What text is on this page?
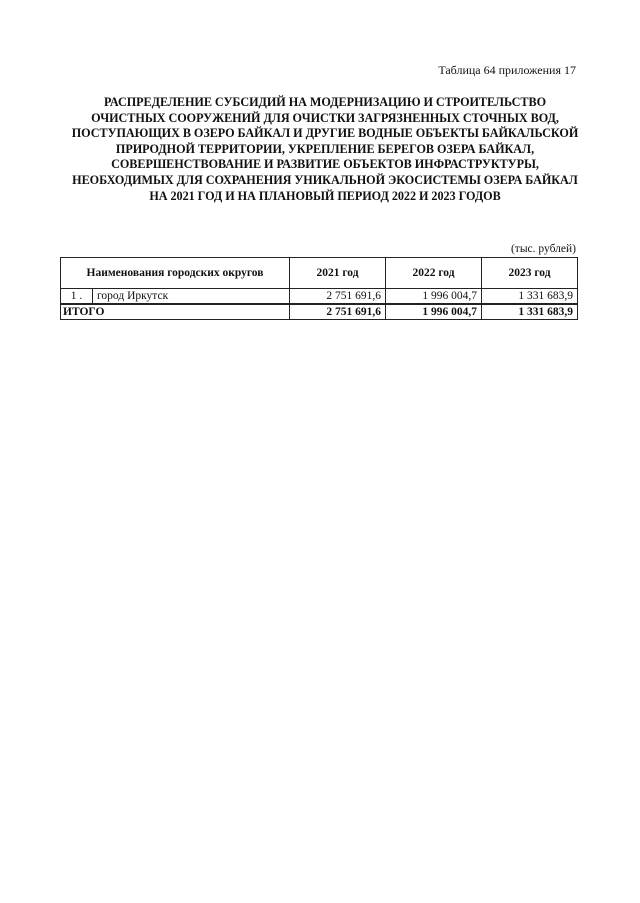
Таблица 64 приложения 17
РАСПРЕДЕЛЕНИЕ СУБСИДИЙ НА МОДЕРНИЗАЦИЮ И СТРОИТЕЛЬСТВО ОЧИСТНЫХ СООРУЖЕНИЙ ДЛЯ ОЧИСТКИ ЗАГРЯЗНЕННЫХ СТОЧНЫХ ВОД, ПОСТУПАЮЩИХ В ОЗЕРО БАЙКАЛ И ДРУГИЕ ВОДНЫЕ ОБЪЕКТЫ БАЙКАЛЬСКОЙ ПРИРОДНОЙ ТЕРРИТОРИИ, УКРЕПЛЕНИЕ БЕРЕГОВ ОЗЕРА БАЙКАЛ, СОВЕРШЕНСТВОВАНИЕ И РАЗВИТИЕ ОБЪЕКТОВ ИНФРАСТРУКТУРЫ, НЕОБХОДИМЫХ ДЛЯ СОХРАНЕНИЯ УНИКАЛЬНОЙ ЭКОСИСТЕМЫ ОЗЕРА БАЙКАЛ НА 2021 ГОД И НА ПЛАНОВЫЙ ПЕРИОД 2022 И 2023 ГОДОВ
(тыс. рублей)
Наименования городских округов		2021 год	2022 год	2023 год
1 .	город Иркутск	2 751 691,6	1 996 004,7	1 331 683,9
ИТОГО		2 751 691,6	1 996 004,7	1 331 683,9
